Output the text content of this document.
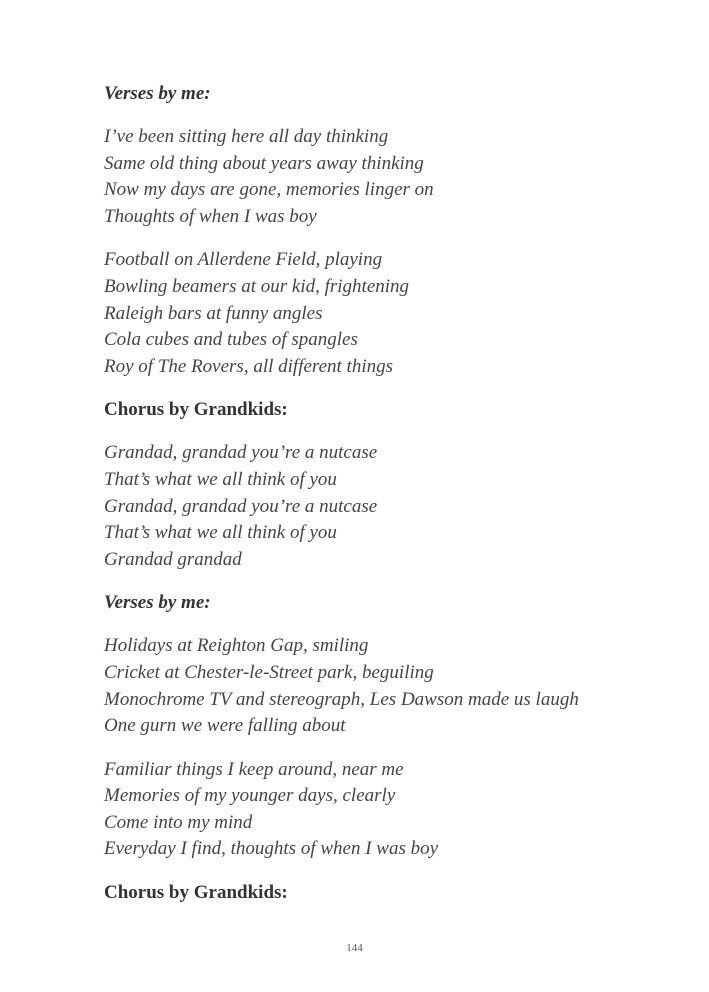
Verses by me:

I’ve been sitting here all day thinking
Same old thing about years away thinking
Now my days are gone, memories linger on
Thoughts of when I was boy
Football on Allerdene Field, playing
Bowling beamers at our kid, frightening
Raleigh bars at funny angles
Cola cubes and tubes of spangles
Roy of The Rovers, all different things

Chorus by Grandkids:

Grandad, grandad you’re a nutcase
That’s what we all think of you
Grandad, grandad you’re a nutcase
That’s what we all think of you
Grandad grandad

Verses by me:

Holidays at Reighton Gap, smiling
Cricket at Chester-le-Street park, beguiling
Monochrome TV and stereograph, Les Dawson made us laugh
One gurn we were falling about
Familiar things I keep around, near me
Memories of my younger days, clearly
Come into my mind
Everyday I find, thoughts of when I was boy

Chorus by Grandkids:

144
